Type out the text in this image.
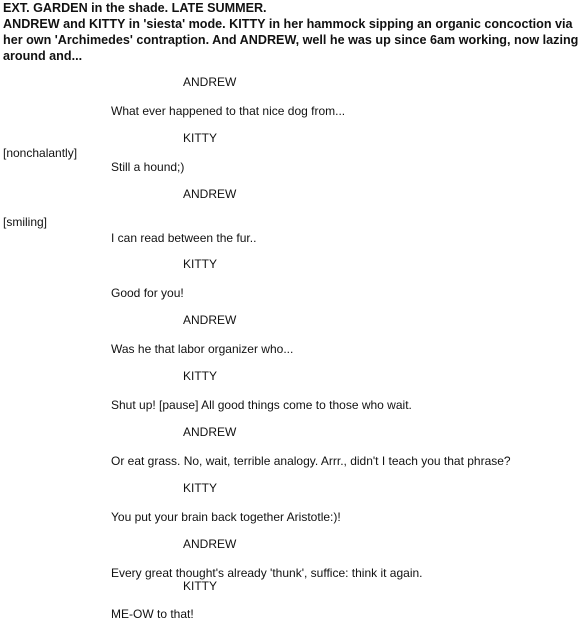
EXT. GARDEN in the shade. LATE SUMMER.

ANDREW and KITTY in 'siesta' mode. KITTY in her hammock sipping an organic concoction via her own 'Archimedes' contraption. And ANDREW, well he was up since 6am working, now lazing around and...

ANDREW
What ever happened to that nice dog from...
KITTY
[nonchalantly]
Still a hound;)
ANDREW
[smiling]
I can read between the fur..
KITTY
Good for you!
ANDREW
Was he that labor organizer who...
KITTY
Shut up! [pause] All good things come to those who wait.
ANDREW
Or eat grass. No, wait, terrible analogy. Arrr., didn't I teach you that phrase?
KITTY
You put your brain back together Aristotle:)!
ANDREW
Every great thought's already 'thunk', suffice: think it again.
KITTY
ME-OW to that!
